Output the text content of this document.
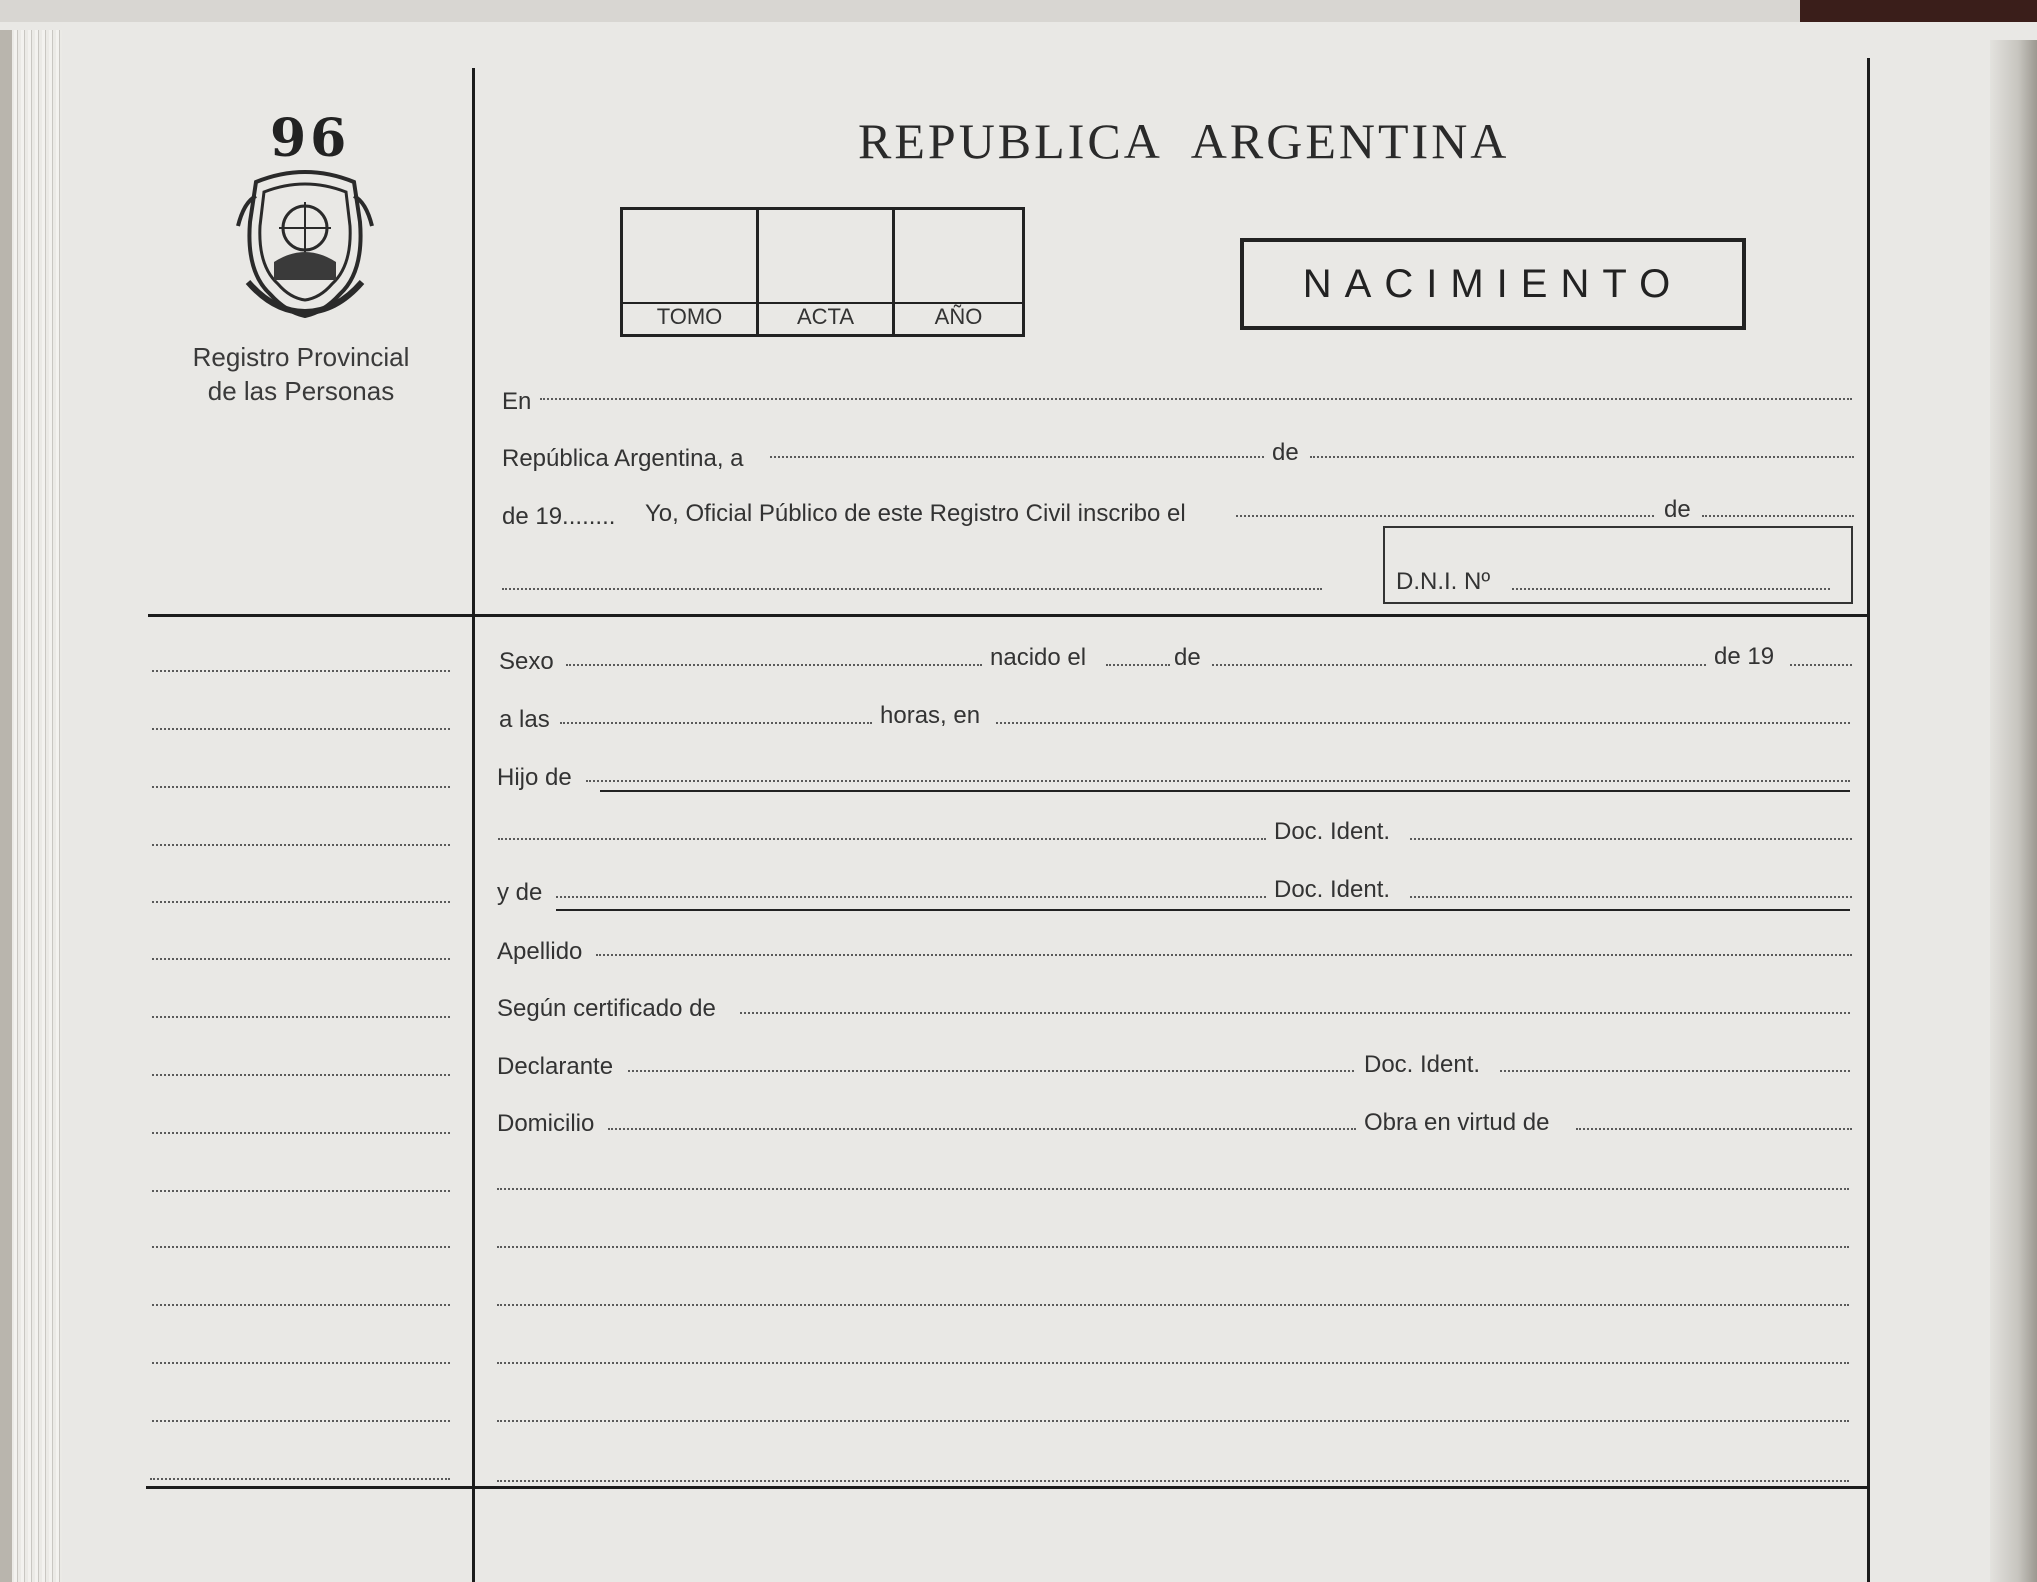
96
Registro Provincial
de las Personas
REPUBLICA ARGENTINA
TOMO	ACTA	AÑO
NACIMIENTO
En
República Argentina, a	de
de 19........ Yo, Oficial Público de este Registro Civil inscribo el	de
D.N.I. Nº
Sexo	nacido el	de	de 19
a las	horas, en
Hijo de
Doc. Ident.
y de	Doc. Ident.
Apellido
Según certificado de
Declarante	Doc. Ident.
Domicilio	Obra en virtud de
